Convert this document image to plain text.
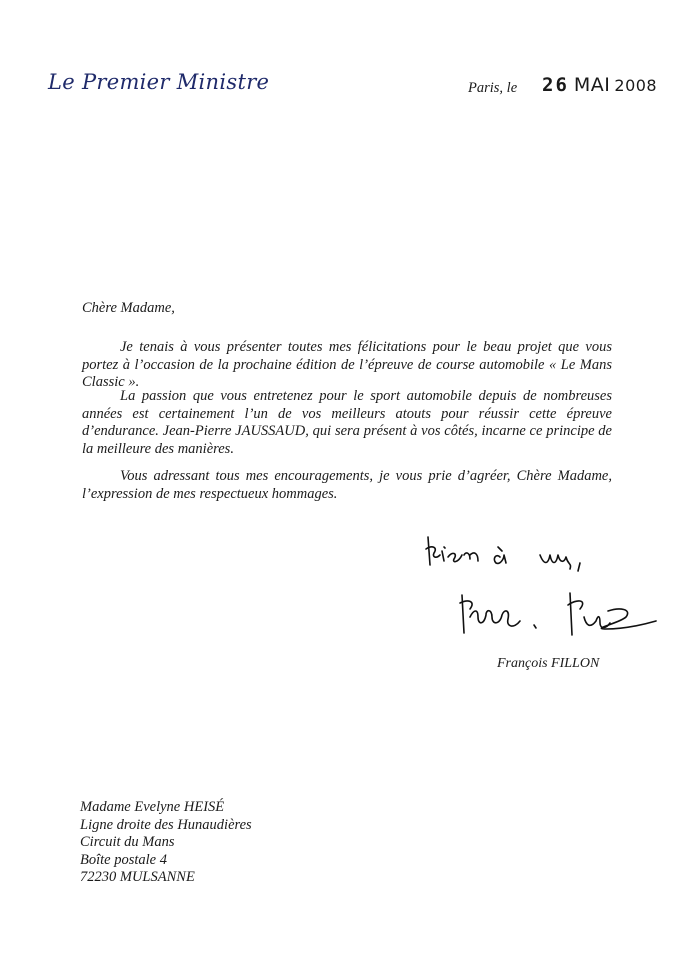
Le Premier Ministre	Paris, le 26 MAI 2008
Chère Madame,

Je tenais à vous présenter toutes mes félicitations pour le beau projet que vous portez à l’occasion de la prochaine édition de l’épreuve de course automobile « Le Mans Classic ».

La passion que vous entretenez pour le sport automobile depuis de nombreuses années est certainement l’un de vos meilleurs atouts pour réussir cette épreuve d’endurance. Jean-Pierre JAUSSAUD, qui sera présent à vos côtés, incarne ce principe de la meilleure des manières.

Vous adressant tous mes encouragements, je vous prie d’agréer, Chère Madame, l’expression de mes respectueux hommages.

François FILLON
Madame Evelyne HEISÉ
Ligne droite des Hunaudières
Circuit du Mans
Boîte postale 4
72230 MULSANNE
